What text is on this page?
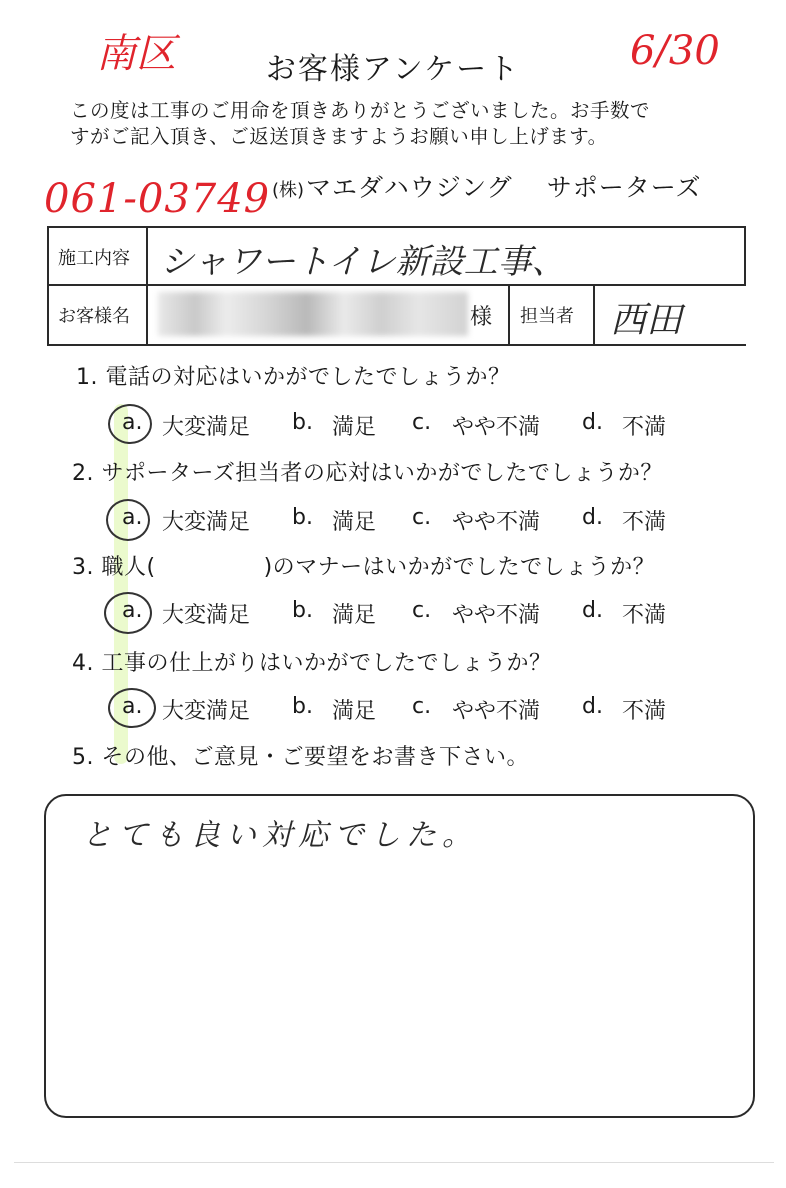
南区	6/30
061-03749
お客様アンケート
この度は工事のご用命を頂きありがとうございました。お手数で
すがご記入頂き、ご返送頂きますようお願い申し上げます。
(株)マエダハウジング サポーターズ
施工内容 シャワートイレ新設工事、
お客様名	様 担当者 西田
1. 電話の対応はいかがでしたでしょうか？
a. 大変満足	b. 満足	c. やや不満	d. 不満
2. サポーターズ担当者の応対はいかがでしたでしょうか？
a. 大変満足	b. 満足	c. やや不満	d. 不満
3. 職人(	)のマナーはいかがでしたでしょうか？
a. 大変満足	b. 満足	c. やや不満	d. 不満
4. 工事の仕上がりはいかがでしたでしょうか？
a. 大変満足	b. 満足	c. やや不満	d. 不満
5. その他、ご意見・ご要望をお書き下さい。
とても良い対応でした。
